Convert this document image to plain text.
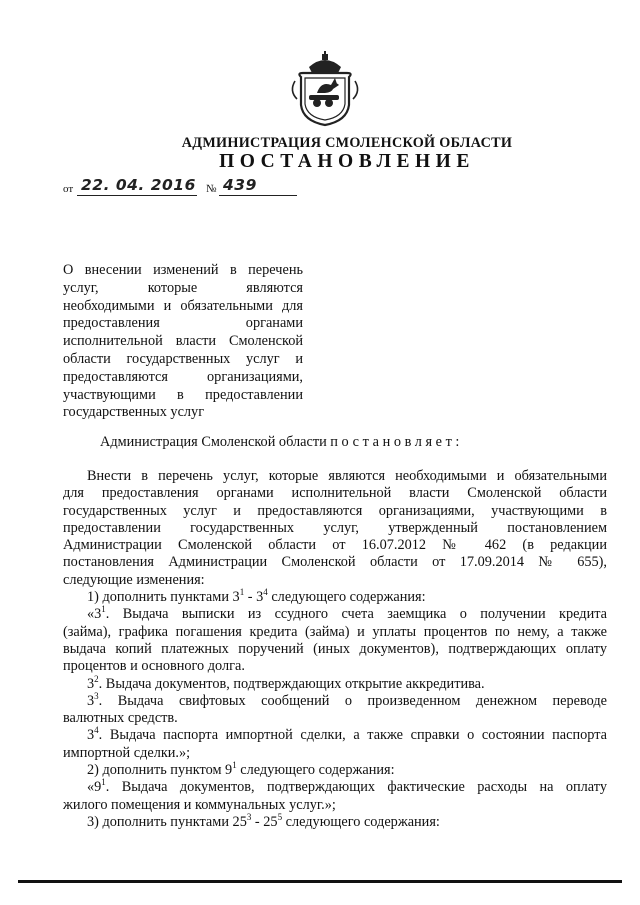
АДМИНИСТРАЦИЯ СМОЛЕНСКОЙ ОБЛАСТИ
ПОСТАНОВЛЕНИЕ
от 22. 04. 2016 № 439
О внесении изменений в перечень
услуг, которые являются
необходимыми и обязательными для
предоставления органами
исполнительной власти Смоленской
области государственных услуг и
предоставляются организациями,
участвующими в предоставлении
государственных услуг
Администрация Смоленской области постановляет:
Внести в перечень услуг, которые являются необходимыми и обязательными
для предоставления органами исполнительной власти Смоленской области
государственных услуг и предоставляются организациями, участвующими в
предоставлении государственных услуг, утвержденный постановлением
Администрации Смоленской области от 16.07.2012 № 462 (в редакции
постановления Администрации Смоленской области от 17.09.2014 № 655),
следующие изменения:

1) дополнить пунктами $3^1 - 3^4$ следующего содержания:

«$3^1$. Выдача выписки из ссудного счета заемщика о получении кредита
(займа), графика погашения кредита (займа) и уплаты процентов по нему, а также
выдача копий платежных поручений (иных документов), подтверждающих оплату
процентов и основного долга.

$3^2$. Выдача документов, подтверждающих открытие аккредитива.

$3^3$. Выдача свифтовых сообщений о произведенном денежном переводе
валютных средств.
$3^4$. Выдача паспорта импортной сделки, а также справки о состоянии паспорта
импортной сделки.»;

2) дополнить пунктом $9^1$ следующего содержания:

«$9^1$. Выдача документов, подтверждающих фактические расходы на оплату
жилого помещения и коммунальных услуг.»;

3) дополнить пунктами $25^3 - 25^5$ следующего содержания:
